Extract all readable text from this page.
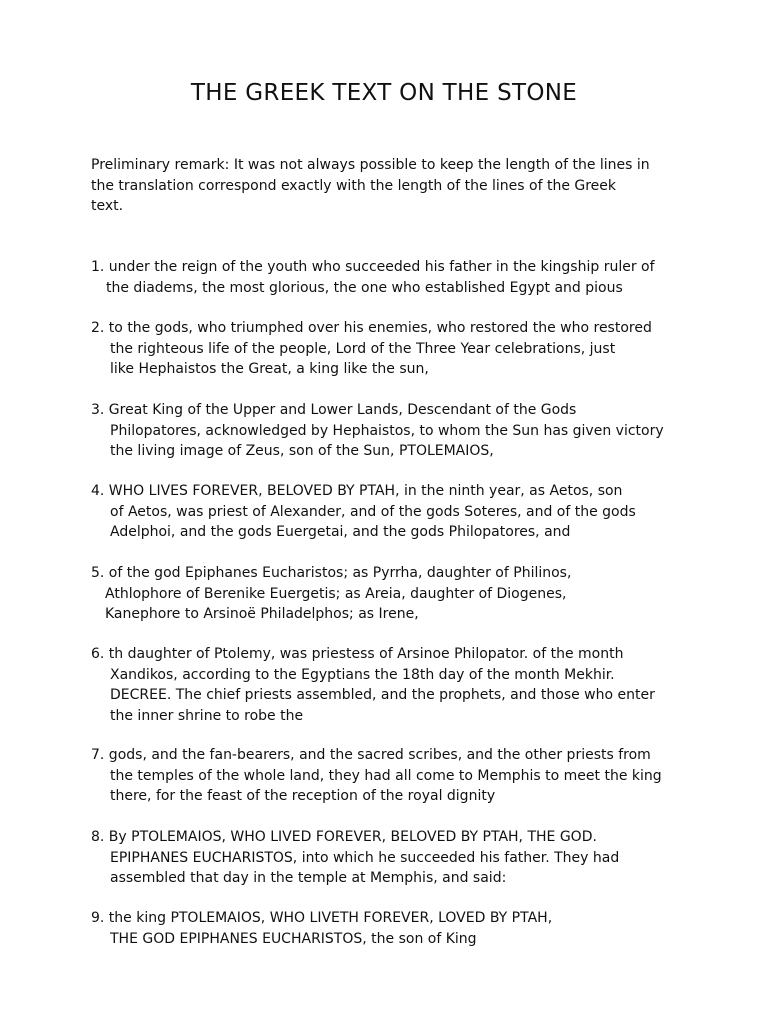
THE GREEK TEXT ON THE STONE
Preliminary remark: It was not always possible to keep the length of the lines in
the translation correspond exactly with the length of the lines of the Greek
text.
1. under the reign of the youth who succeeded his father in the kingship ruler of
the diadems, the most glorious, the one who established Egypt and pious
2. to the gods, who triumphed over his enemies, who restored the who restored
the righteous life of the people, Lord of the Three Year celebrations, just
like Hephaistos the Great, a king like the sun,
3. Great King of the Upper and Lower Lands, Descendant of the Gods
Philopatores, acknowledged by Hephaistos, to whom the Sun has given victory
the living image of Zeus, son of the Sun, PTOLEMAIOS,
4. WHO LIVES FOREVER, BELOVED BY PTAH, in the ninth year, as Aetos, son
of Aetos, was priest of Alexander, and of the gods Soteres, and of the gods
Adelphoi, and the gods Euergetai, and the gods Philopatores, and
5. of the god Epiphanes Eucharistos; as Pyrrha, daughter of Philinos,
Athlophore of Berenike Euergetis; as Areia, daughter of Diogenes,
Kanephore to Arsinoë Philadelphos; as Irene,
6. th daughter of Ptolemy, was priestess of Arsinoe Philopator. of the month
Xandikos, according to the Egyptians the 18th day of the month Mekhir.
DECREE. The chief priests assembled, and the prophets, and those who enter
the inner shrine to robe the
7. gods, and the fan-bearers, and the sacred scribes, and the other priests from
the temples of the whole land, they had all come to Memphis to meet the king
there, for the feast of the reception of the royal dignity
8. By PTOLEMAIOS, WHO LIVED FOREVER, BELOVED BY PTAH, THE GOD.
EPIPHANES EUCHARISTOS, into which he succeeded his father. They had
assembled that day in the temple at Memphis, and said:
9. the king PTOLEMAIOS, WHO LIVETH FOREVER, LOVED BY PTAH,
THE GOD EPIPHANES EUCHARISTOS, the son of King
